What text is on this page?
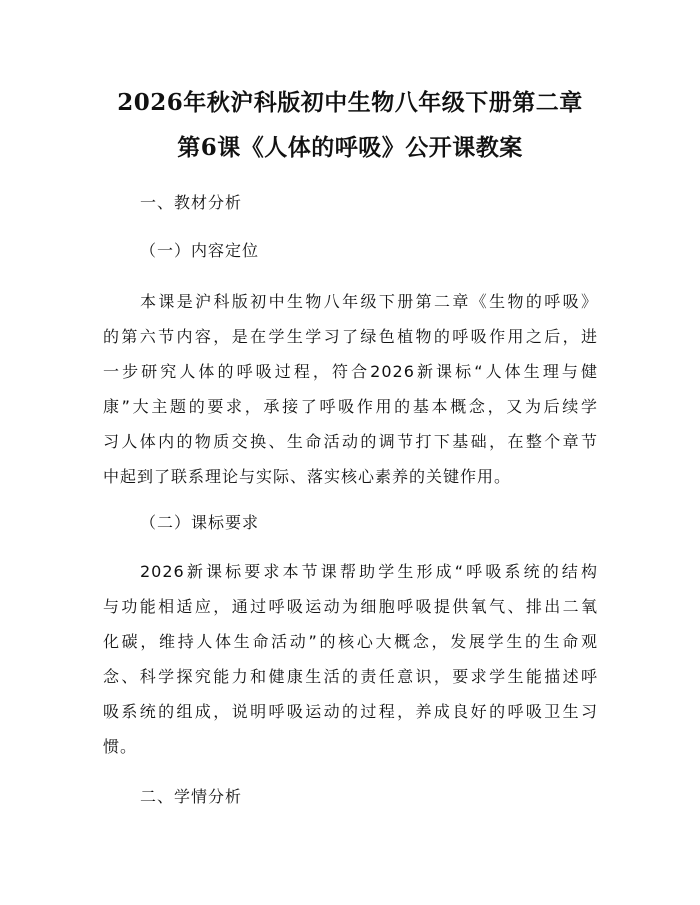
2026年秋沪科版初中生物八年级下册第二章
第6课《人体的呼吸》公开课教案
一、教材分析
（一）内容定位
本课是沪科版初中生物八年级下册第二章《生物的呼吸》
的第六节内容，是在学生学习了绿色植物的呼吸作用之后，进
一步研究人体的呼吸过程，符合2026新课标“人体生理与健
康”大主题的要求，承接了呼吸作用的基本概念，又为后续学
习人体内的物质交换、生命活动的调节打下基础，在整个章节
中起到了联系理论与实际、落实核心素养的关键作用。
（二）课标要求
2026新课标要求本节课帮助学生形成“呼吸系统的结构
与功能相适应，通过呼吸运动为细胞呼吸提供氧气、排出二氧
化碳，维持人体生命活动”的核心大概念，发展学生的生命观
念、科学探究能力和健康生活的责任意识，要求学生能描述呼
吸系统的组成，说明呼吸运动的过程，养成良好的呼吸卫生习
惯。
二、学情分析
